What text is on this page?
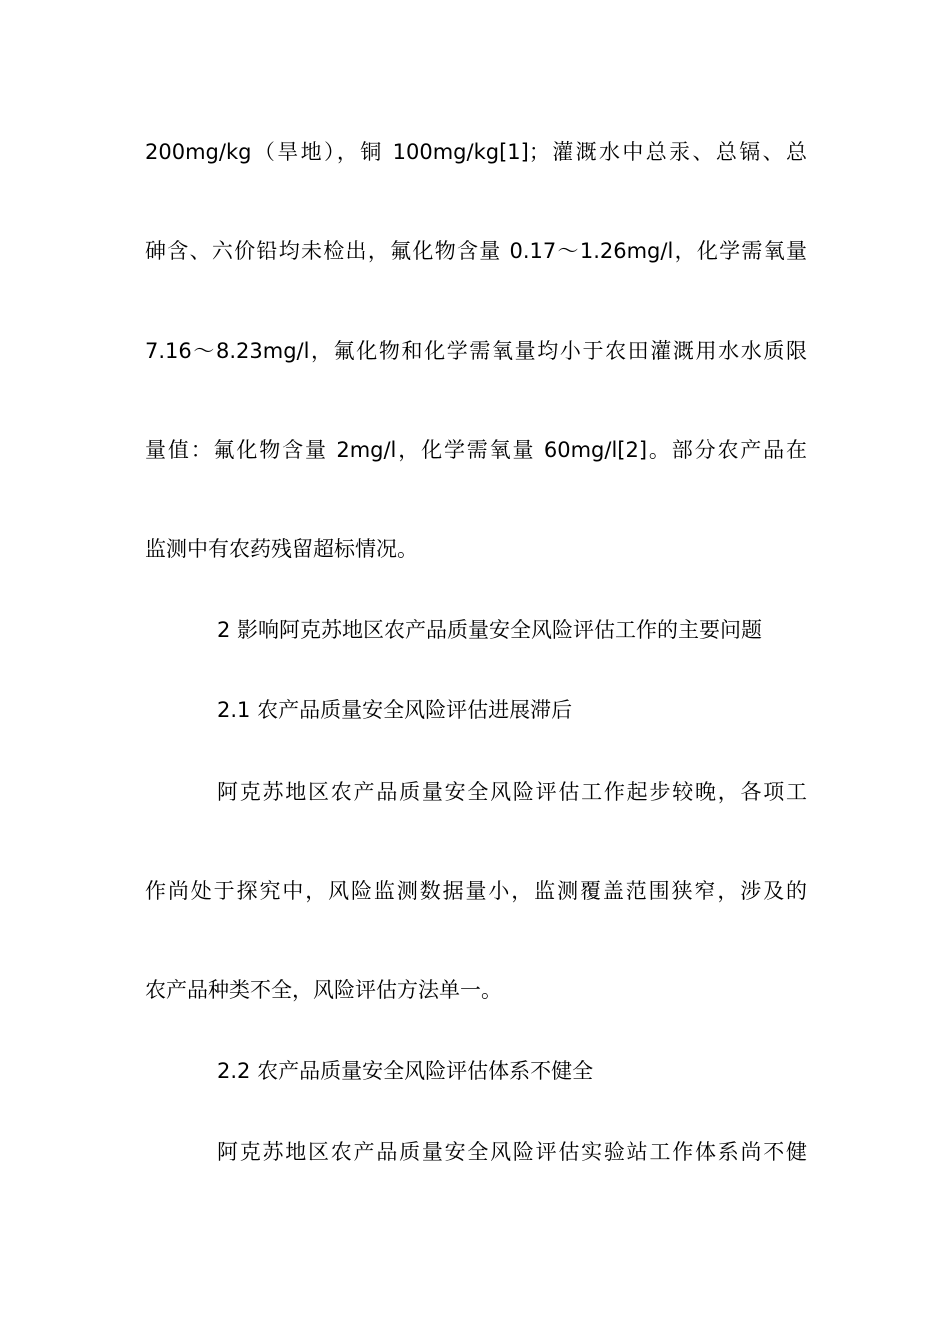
200mg/kg（旱地），铜 100mg/kg[1]；灌溉水中总汞、总镉、总
砷含、六价铅均未检出，氟化物含量 0.17～1.26mg/l，化学需氧量
7.16～8.23mg/l，氟化物和化学需氧量均小于农田灌溉用水水质限
量值：氟化物含量 2mg/l，化学需氧量 60mg/l[2]。部分农产品在
监测中有农药残留超标情况。
2 影响阿克苏地区农产品质量安全风险评估工作的主要问题
2.1 农产品质量安全风险评估进展滞后
阿克苏地区农产品质量安全风险评估工作起步较晚，各项工
作尚处于探究中，风险监测数据量小，监测覆盖范围狭窄，涉及的
农产品种类不全，风险评估方法单一。
2.2 农产品质量安全风险评估体系不健全
阿克苏地区农产品质量安全风险评估实验站工作体系尚不健
